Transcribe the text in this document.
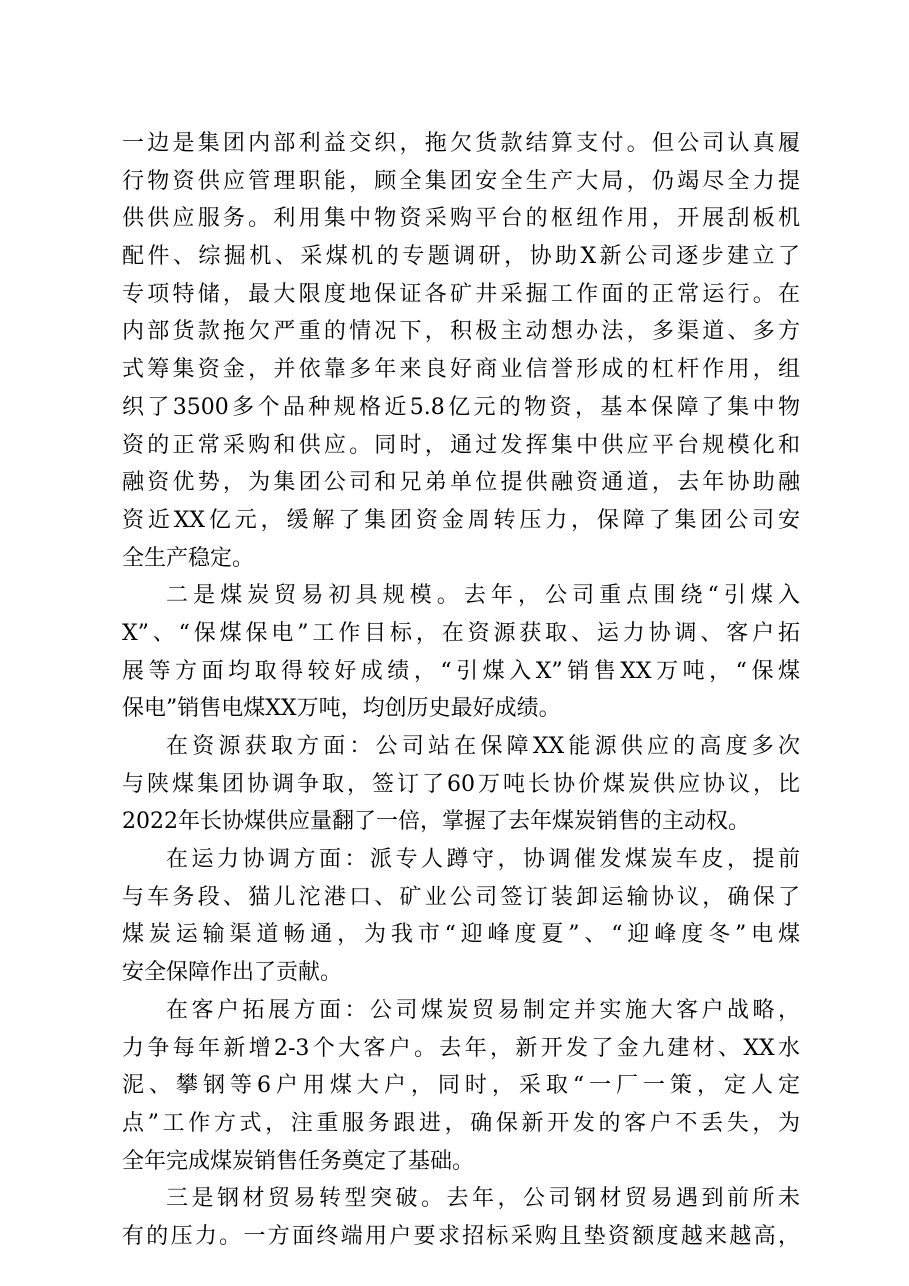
一边是集团内部利益交织，拖欠货款结算支付。但公司认真履
行物资供应管理职能，顾全集团安全生产大局，仍竭尽全力提
供供应服务。利用集中物资采购平台的枢纽作用，开展刮板机
配件、综掘机、采煤机的专题调研，协助X新公司逐步建立了
专项特储，最大限度地保证各矿井采掘工作面的正常运行。在
内部货款拖欠严重的情况下，积极主动想办法，多渠道、多方
式筹集资金，并依靠多年来良好商业信誉形成的杠杆作用，组
织了3500多个品种规格近5.8亿元的物资，基本保障了集中物
资的正常采购和供应。同时，通过发挥集中供应平台规模化和
融资优势，为集团公司和兄弟单位提供融资通道，去年协助融
资近XX亿元，缓解了集团资金周转压力，保障了集团公司安
全生产稳定。
二是煤炭贸易初具规模。去年，公司重点围绕“引煤入
X”、“保煤保电”工作目标，在资源获取、运力协调、客户拓
展等方面均取得较好成绩，“引煤入X”销售XX万吨，“保煤
保电”销售电煤XX万吨，均创历史最好成绩。
在资源获取方面：公司站在保障XX能源供应的高度多次
与陕煤集团协调争取，签订了60万吨长协价煤炭供应协议，比
2022年长协煤供应量翻了一倍，掌握了去年煤炭销售的主动权。
在运力协调方面：派专人蹲守，协调催发煤炭车皮，提前
与车务段、猫儿沱港口、矿业公司签订装卸运输协议，确保了
煤炭运输渠道畅通，为我市“迎峰度夏”、“迎峰度冬”电煤
安全保障作出了贡献。
在客户拓展方面：公司煤炭贸易制定并实施大客户战略，
力争每年新增2-3个大客户。去年，新开发了金九建材、XX水
泥、攀钢等6户用煤大户，同时，采取“一厂一策，定人定
点”工作方式，注重服务跟进，确保新开发的客户不丢失，为
全年完成煤炭销售任务奠定了基础。
三是钢材贸易转型突破。去年，公司钢材贸易遇到前所未
有的压力。一方面终端用户要求招标采购且垫资额度越来越高，
